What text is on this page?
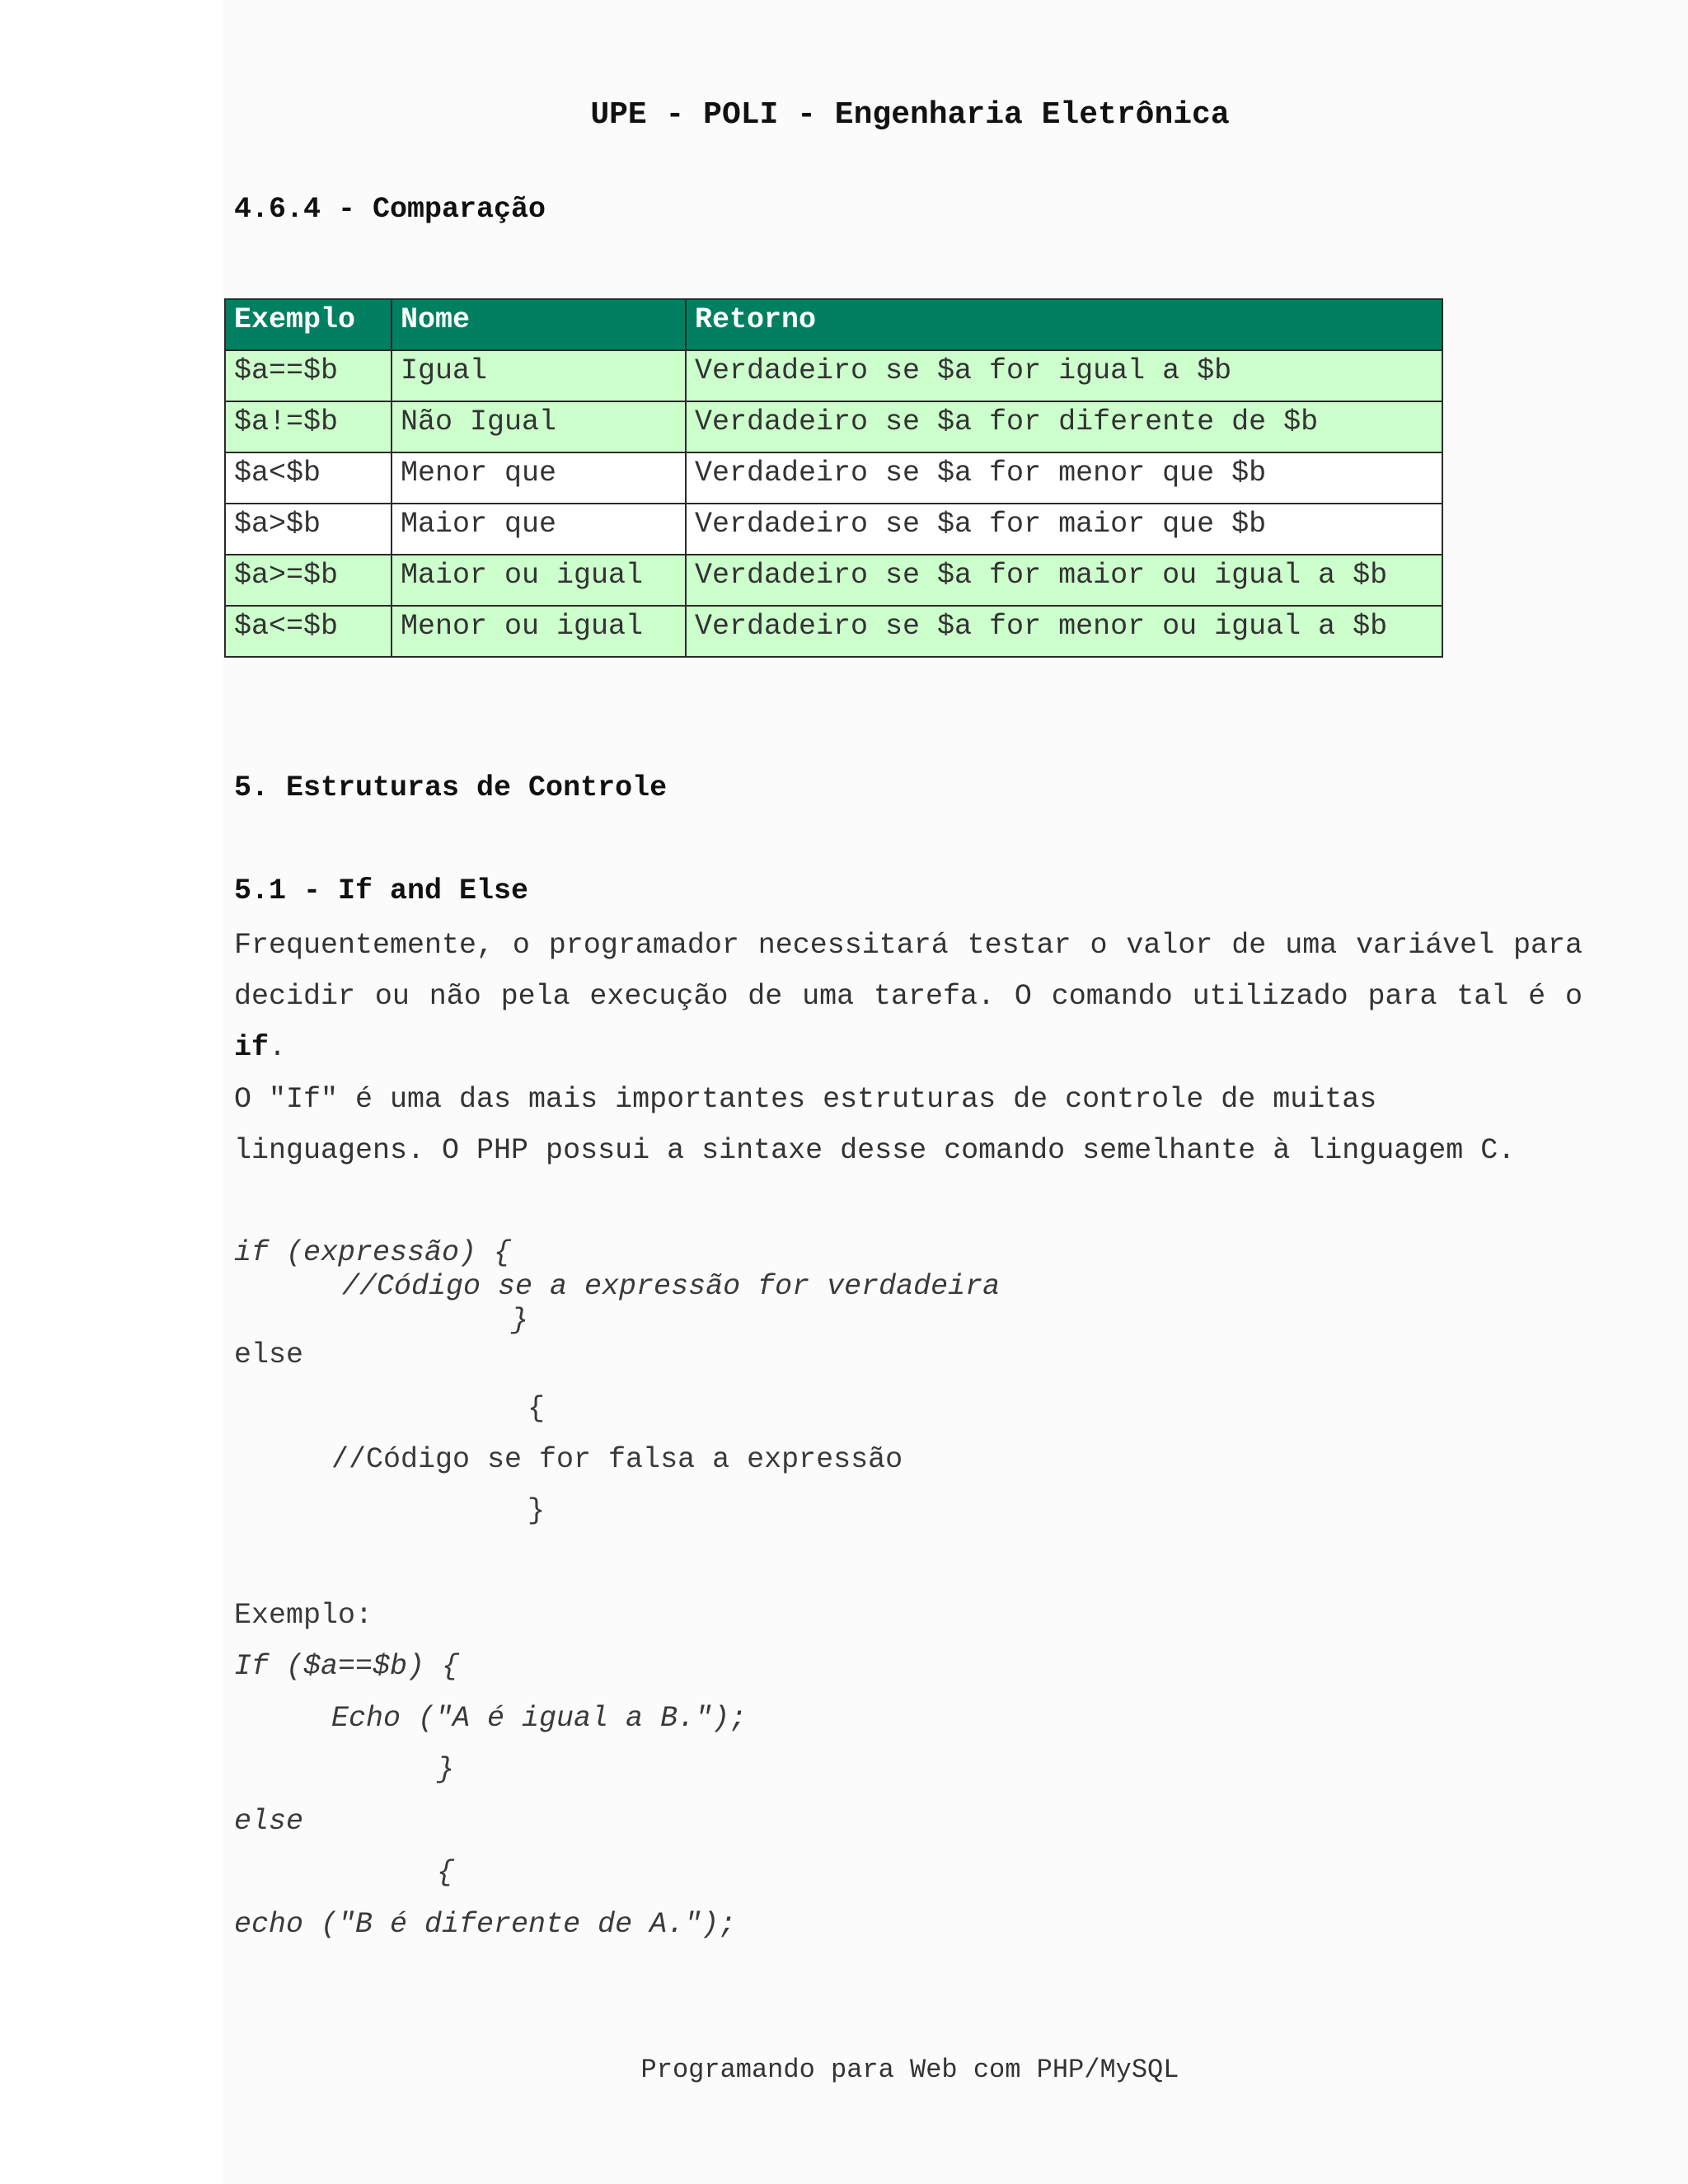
UPE - POLI - Engenharia Eletrônica
4.6.4 - Comparação
Exemplo	Nome	Retorno
$a==$b	Igual	Verdadeiro se $a for igual a $b
$a!=$b	Não Igual	Verdadeiro se $a for diferente de $b
$a<$b	Menor que	Verdadeiro se $a for menor que $b
$a>$b	Maior que	Verdadeiro se $a for maior que $b
$a>=$b	Maior ou igual	Verdadeiro se $a for maior ou igual a $b
$a<=$b	Menor ou igual	Verdadeiro se $a for menor ou igual a $b
5. Estruturas de Controle
5.1 - If and Else
Frequentemente, o programador necessitará testar o valor de uma variável para decidir ou não pela execução de uma tarefa. O comando utilizado para tal é o if.
O "If" é uma das mais importantes estruturas de controle de muitas
linguagens. O PHP possui a sintaxe desse comando semelhante à linguagem C.
if (expressão) {
//Código se a expressão for verdadeira
}
else
{
//Código se for falsa a expressão
}
Exemplo:
If ($a==$b) {
Echo ("A é igual a B.");
}
else
{
echo ("B é diferente de A.");
Programando para Web com PHP/MySQL
